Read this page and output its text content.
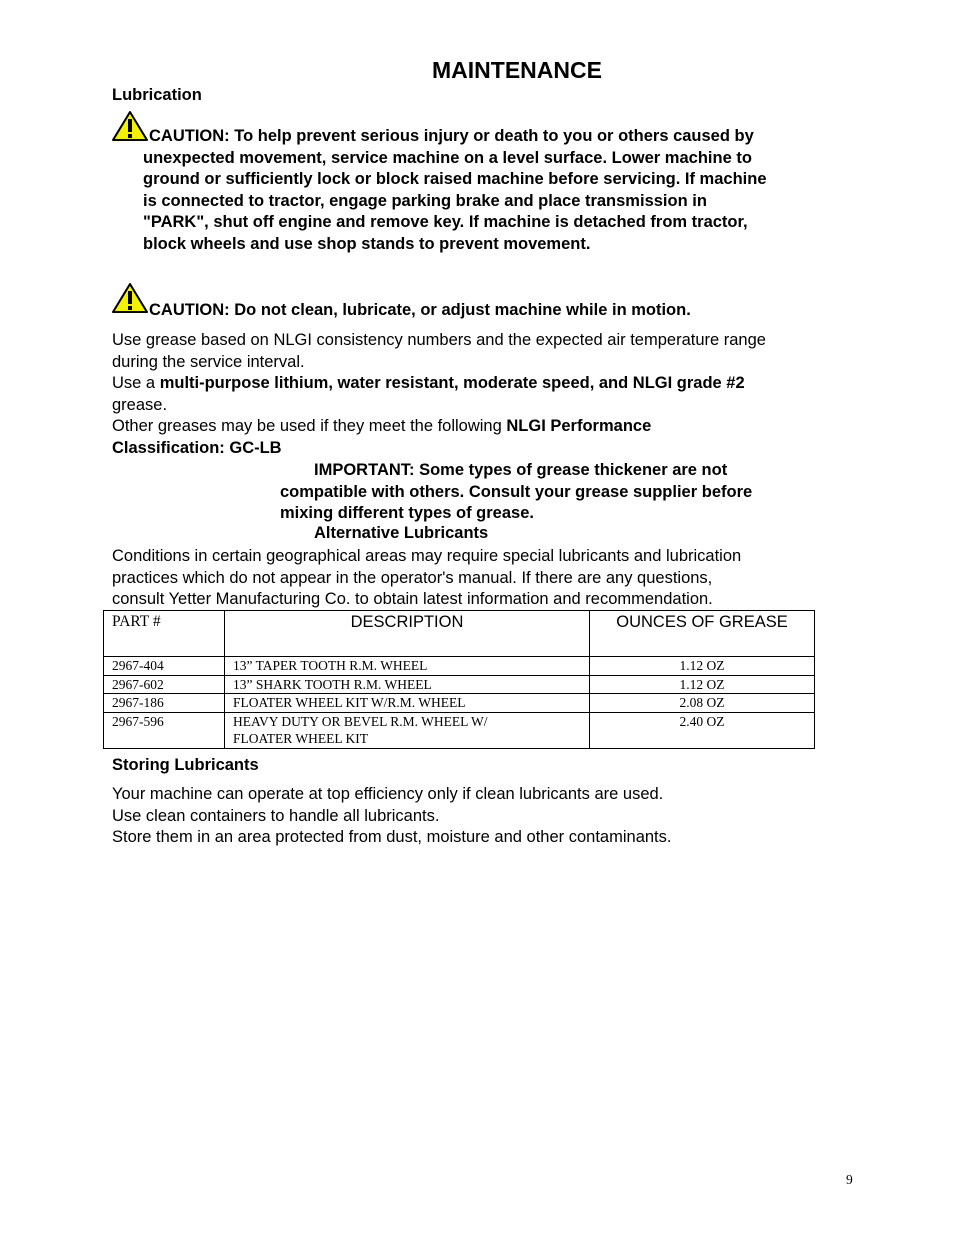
MAINTENANCE
Lubrication
CAUTION: To help prevent serious injury or death to you or others caused by
unexpected movement, service machine on a level surface. Lower machine to
ground or sufficiently lock or block raised machine before servicing. If machine
is connected to tractor, engage parking brake and place transmission in
"PARK", shut off engine and remove key. If machine is detached from tractor,
block wheels and use shop stands to prevent movement.
CAUTION: Do not clean, lubricate, or adjust machine while in motion.
Use grease based on NLGI consistency numbers and the expected air temperature range
during the service interval.
Use a multi-purpose lithium, water resistant, moderate speed, and NLGI grade #2
grease.
Other greases may be used if they meet the following NLGI Performance
Classification: GC-LB
IMPORTANT: Some types of grease thickener are not
compatible with others. Consult your grease supplier before
mixing different types of grease.
Alternative Lubricants
Conditions in certain geographical areas may require special lubricants and lubrication
practices which do not appear in the operator's manual. If there are any questions,
consult Yetter Manufacturing Co. to obtain latest information and recommendation.
PART #	DESCRIPTION	OUNCES OF GREASE
2967-404	13” TAPER TOOTH R.M. WHEEL	1.12 OZ
2967-602	13” SHARK TOOTH R.M. WHEEL	1.12 OZ
2967-186	FLOATER WHEEL KIT W/R.M. WHEEL	2.08 OZ
2967-596	HEAVY DUTY OR BEVEL R.M. WHEEL W/
FLOATER WHEEL KIT	2.40 OZ
Storing Lubricants
Your machine can operate at top efficiency only if clean lubricants are used.
Use clean containers to handle all lubricants.
Store them in an area protected from dust, moisture and other contaminants.
9
